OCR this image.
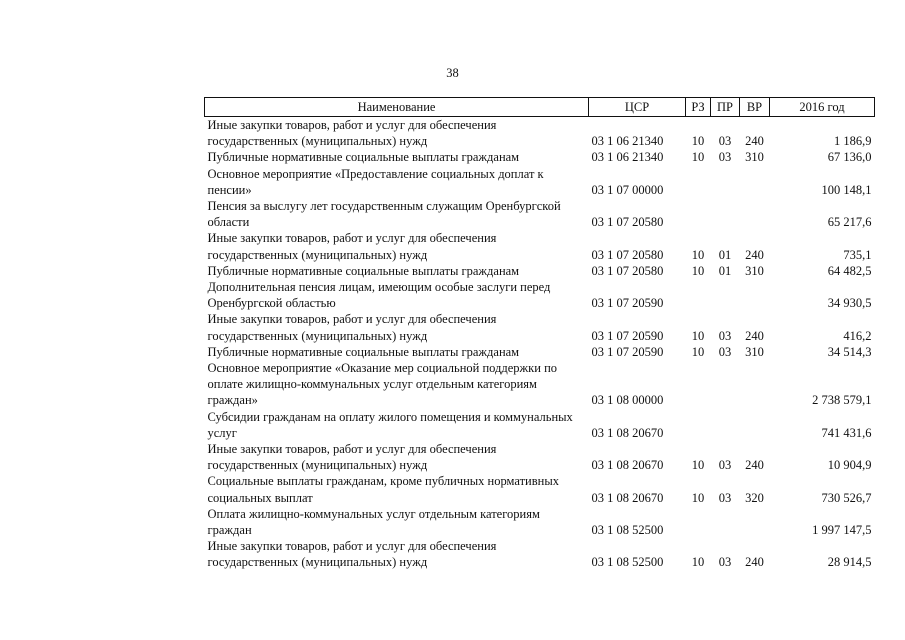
38
Наименование	ЦСР	РЗ	ПР	ВР	2016 год
Иные закупки товаров, работ и услуг для обеспечения государственных (муниципальных) нужд	03 1 06 21340	10	03	240	1 186,9
Публичные нормативные социальные выплаты гражданам	03 1 06 21340	10	03	310	67 136,0
Основное мероприятие «Предоставление социальных доплат к пенсии»	03 1 07 00000				100 148,1
Пенсия за выслугу лет государственным служащим Оренбургской области	03 1 07 20580				65 217,6
Иные закупки товаров, работ и услуг для обеспечения государственных (муниципальных) нужд	03 1 07 20580	10	01	240	735,1
Публичные нормативные социальные выплаты гражданам	03 1 07 20580	10	01	310	64 482,5
Дополнительная пенсия лицам, имеющим особые заслуги перед Оренбургской областью	03 1 07 20590				34 930,5
Иные закупки товаров, работ и услуг для обеспечения государственных (муниципальных) нужд	03 1 07 20590	10	03	240	416,2
Публичные нормативные социальные выплаты гражданам	03 1 07 20590	10	03	310	34 514,3
Основное мероприятие «Оказание мер социальной поддержки по оплате жилищно-коммунальных услуг отдельным категориям граждан»	03 1 08 00000				2 738 579,1
Субсидии гражданам на оплату жилого помещения и коммунальных услуг	03 1 08 20670				741 431,6
Иные закупки товаров, работ и услуг для обеспечения государственных (муниципальных) нужд	03 1 08 20670	10	03	240	10 904,9
Социальные выплаты гражданам, кроме публичных нормативных социальных выплат	03 1 08 20670	10	03	320	730 526,7
Оплата жилищно-коммунальных услуг отдельным категориям граждан	03 1 08 52500				1 997 147,5
Иные закупки товаров, работ и услуг для обеспечения государственных (муниципальных) нужд	03 1 08 52500	10	03	240	28 914,5
